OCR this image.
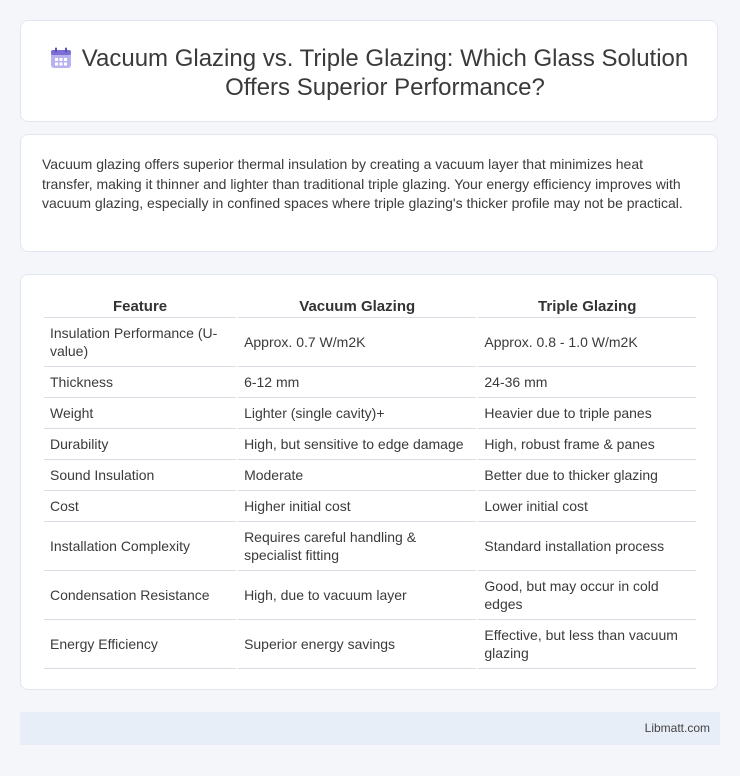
Vacuum Glazing vs. Triple Glazing: Which Glass Solution Offers Superior Performance?

Vacuum glazing offers superior thermal insulation by creating a vacuum layer that minimizes heat transfer, making it thinner and lighter than traditional triple glazing. Your energy efficiency improves with vacuum glazing, especially in confined spaces where triple glazing's thicker profile may not be practical.

Feature	Vacuum Glazing	Triple Glazing
Insulation Performance (U-value)	Approx. 0.7 W/m2K	Approx. 0.8 - 1.0 W/m2K
Thickness	6-12 mm	24-36 mm
Weight	Lighter (single cavity)+	Heavier due to triple panes
Durability	High, but sensitive to edge damage	High, robust frame & panes
Sound Insulation	Moderate	Better due to thicker glazing
Cost	Higher initial cost	Lower initial cost
Installation Complexity	Requires careful handling & specialist fitting	Standard installation process
Condensation Resistance	High, due to vacuum layer	Good, but may occur in cold edges
Energy Efficiency	Superior energy savings	Effective, but less than vacuum glazing
Libmatt.com
